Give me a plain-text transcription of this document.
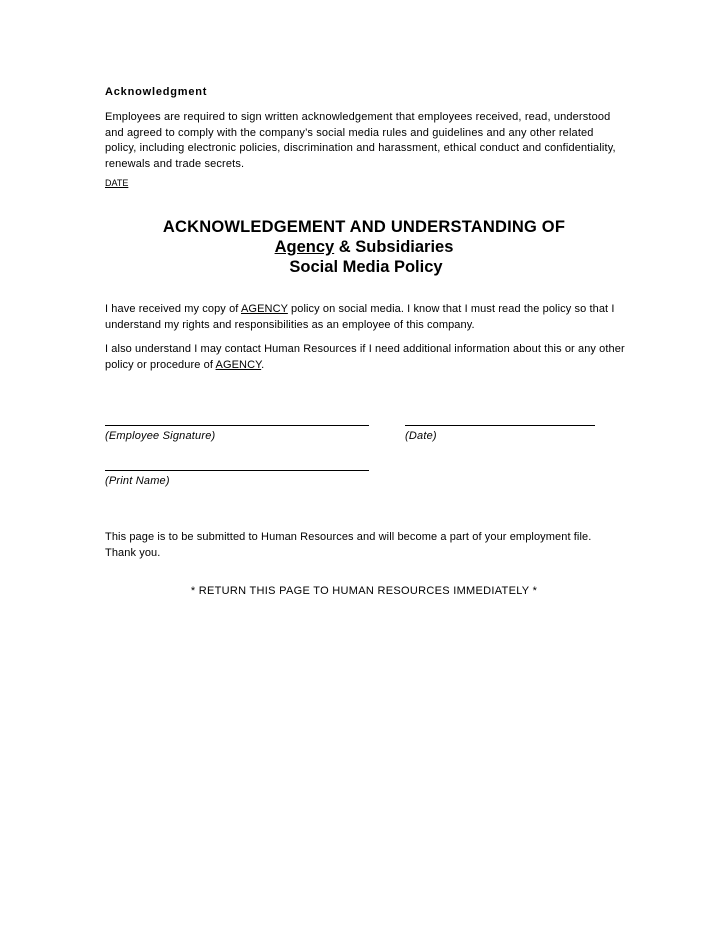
Acknowledgment
Employees are required to sign written acknowledgement that employees received, read, understood and agreed to comply with the company’s social media rules and guidelines and any other related policy, including electronic policies, discrimination and harassment, ethical conduct and confidentiality, renewals and trade secrets.
DATE
ACKNOWLEDGEMENT AND UNDERSTANDING OF
Agency & Subsidiaries
Social Media Policy
I have received my copy of AGENCY policy on social media. I know that I must read the policy so that I understand my rights and responsibilities as an employee of this company.
I also understand I may contact Human Resources if I need additional information about this or any other policy or procedure of AGENCY.
(Employee Signature)	(Date)
(Print Name)
This page is to be submitted to Human Resources and will become a part of your employment file. Thank you.
* RETURN THIS PAGE TO HUMAN RESOURCES IMMEDIATELY *
